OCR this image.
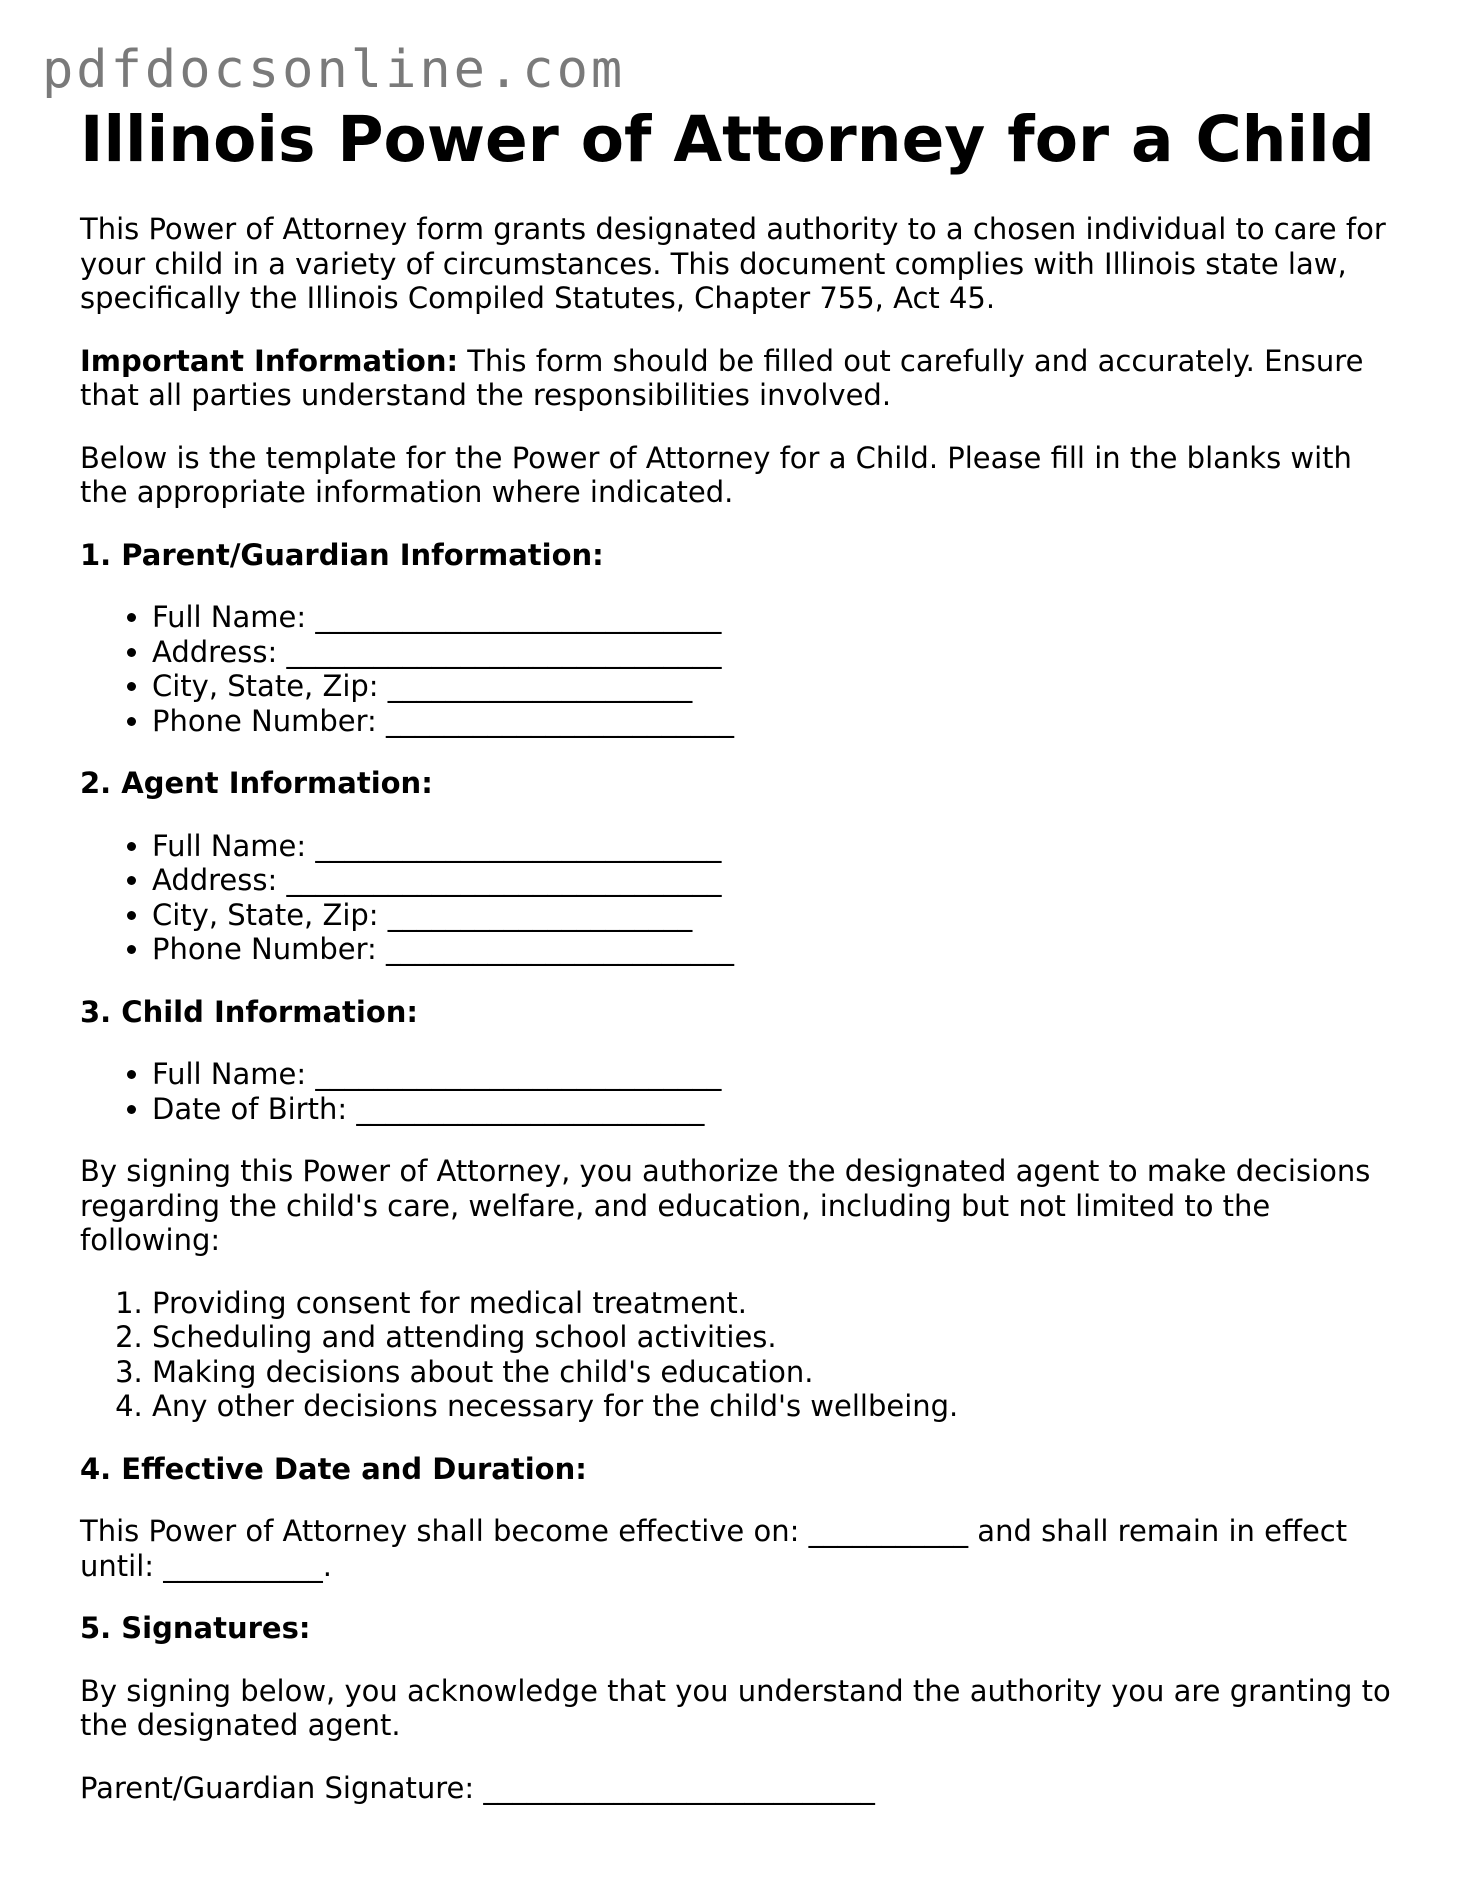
pdfdocsonline.com
Illinois Power of Attorney for a Child

This Power of Attorney form grants designated authority to a chosen individual to care for your child in a variety of circumstances. This document complies with Illinois state law, specifically the Illinois Compiled Statutes, Chapter 755, Act 45.

Important Information: This form should be filled out carefully and accurately. Ensure that all parties understand the responsibilities involved.

Below is the template for the Power of Attorney for a Child. Please fill in the blanks with the appropriate information where indicated.

1. Parent/Guardian Information:
• Full Name: ____________________________
• Address: ______________________________
• City, State, Zip: _____________________
• Phone Number: ________________________
2. Agent Information:
• Full Name: ____________________________
• Address: ______________________________
• City, State, Zip: _____________________
• Phone Number: ________________________
3. Child Information:
• Full Name: ____________________________
• Date of Birth: ________________________

By signing this Power of Attorney, you authorize the designated agent to make decisions regarding the child's care, welfare, and education, including but not limited to the following:

1. Providing consent for medical treatment.
2. Scheduling and attending school activities.
3. Making decisions about the child's education.
4. Any other decisions necessary for the child's wellbeing.
4. Effective Date and Duration:

This Power of Attorney shall become effective on: ___________ and shall remain in effect until: ___________.

5. Signatures:

By signing below, you acknowledge that you understand the authority you are granting to the designated agent.

Parent/Guardian Signature: ___________________________
